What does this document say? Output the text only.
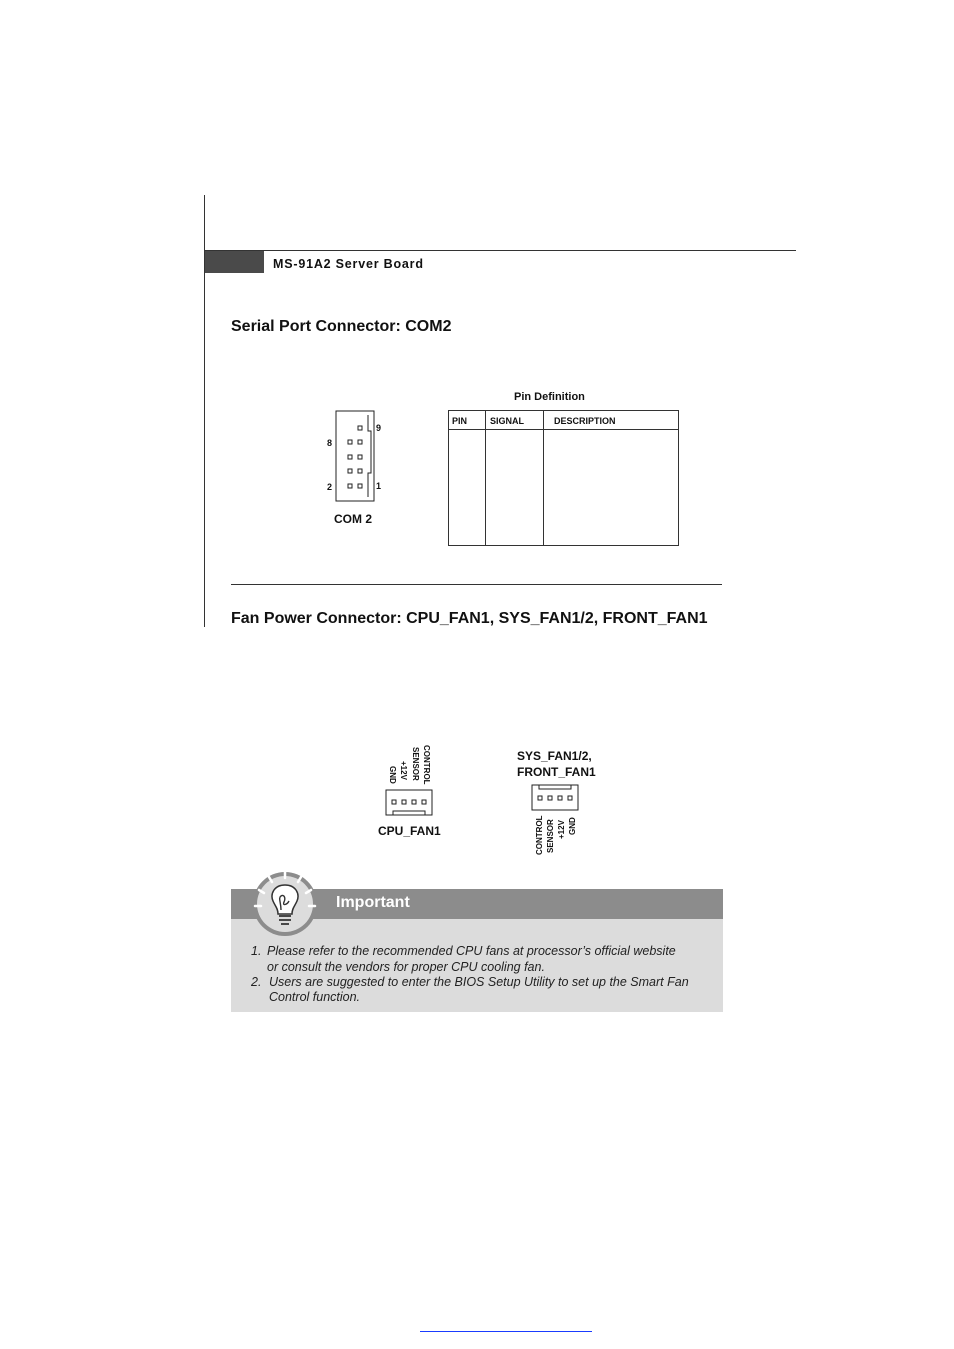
MS-91A2 Server Board
Serial Port Connector: COM2
9
8
2	1
COM 2
Pin Definition
PIN	SIGNAL	DESCRIPTION
Fan Power Connector: CPU_FAN1, SYS_FAN1/2, FRONT_FAN1
CONTROL
SENSOR
+12V
GND
CPU_FAN1
SYS_FAN1/2,
FRONT_FAN1
CONTROL SENSOR +12V GND
Important
1. Please refer to the recommended CPU fans at processor’s official website
or consult the vendors for proper CPU cooling fan.
2. Users are suggested to enter the BIOS Setup Utility to set up the Smart Fan
Control function.
